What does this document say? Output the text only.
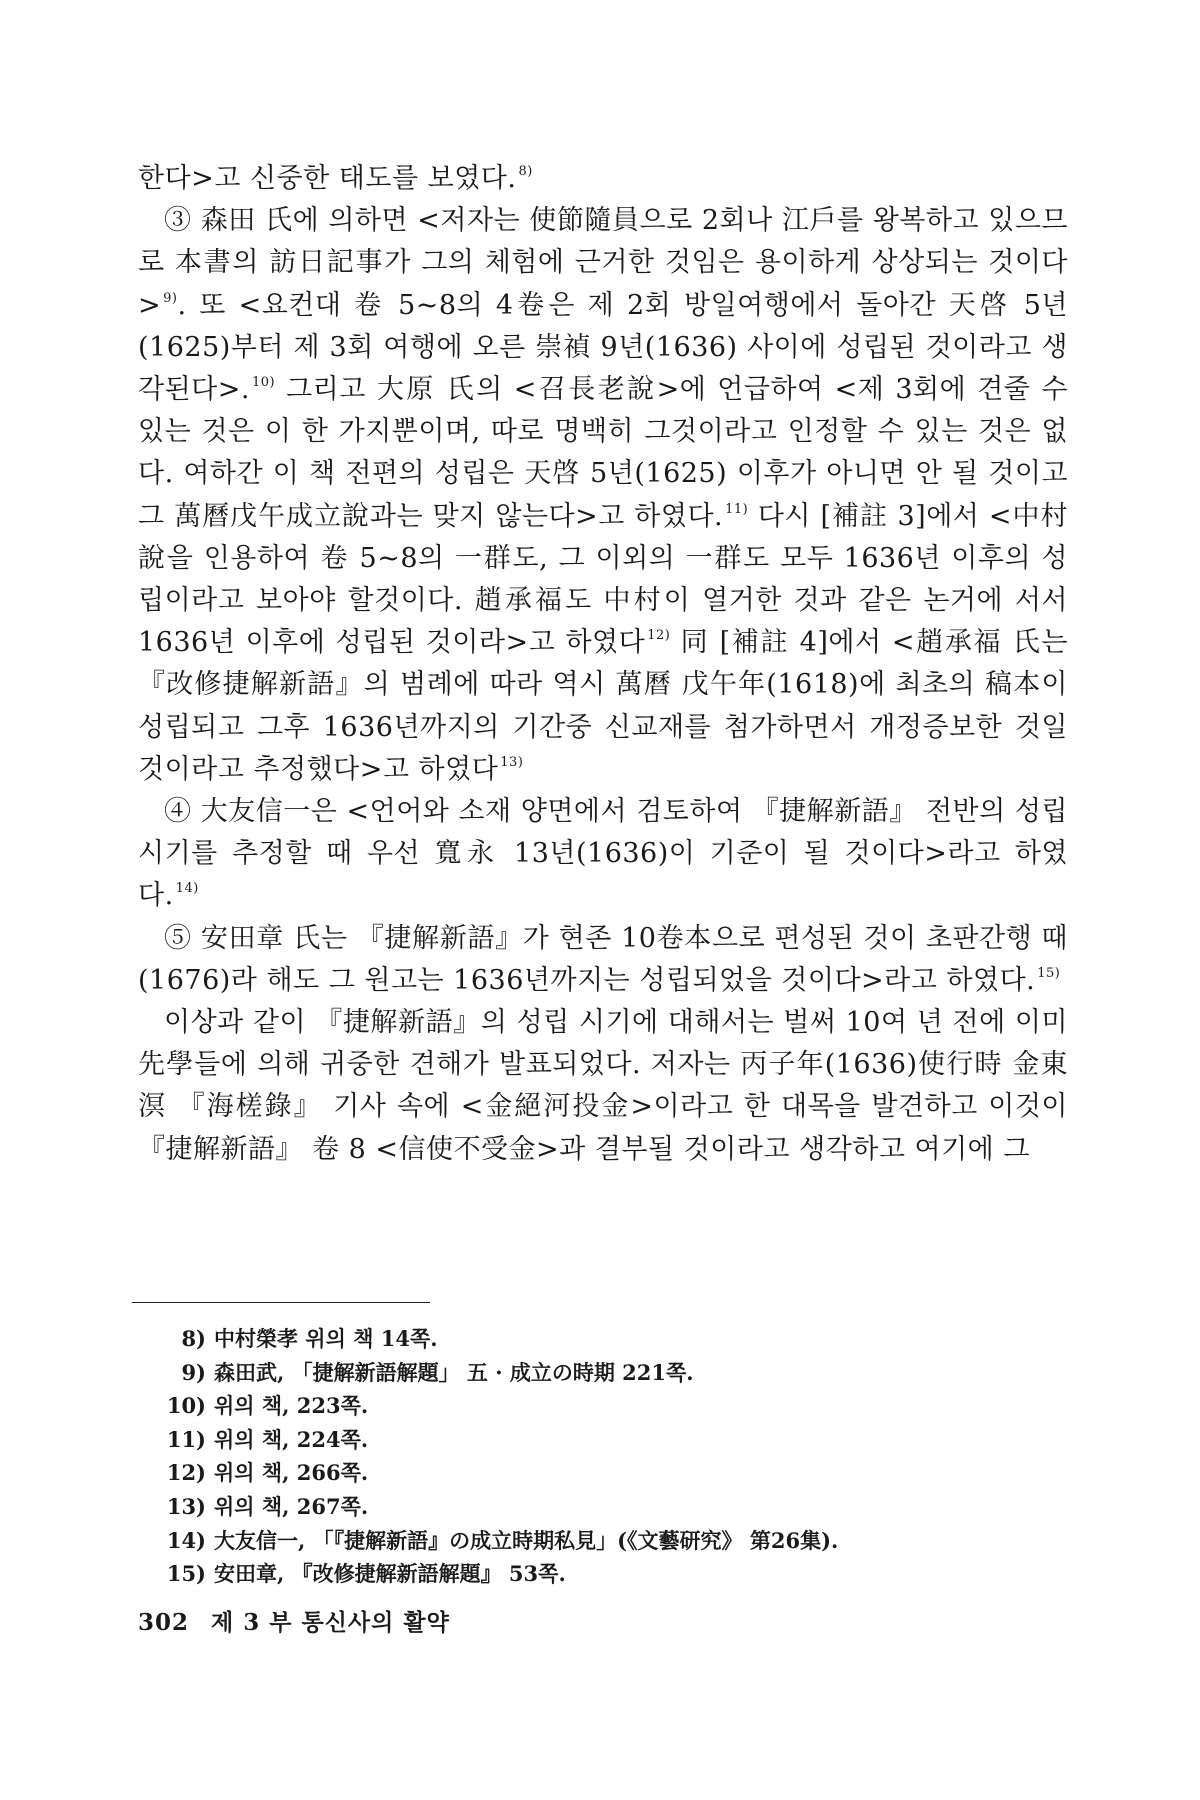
한다>고 신중한 태도를 보였다. $^{8)}$

③ 森田 氏에 의하면 <저자는 使節隨員으로 2회나 江戶를 왕복하고 있으므로 本書의 訪日記事가 그의 체험에 근거한 것임은 용이하게 상상되는 것이다> $^{9)}$. 또 <요컨대 卷 5~8의 4卷은 제 2회 방일여행에서 돌아간 天啓 5년(1625)부터 제 3회 여행에 오른 崇禎 9년(1636) 사이에 성립된 것이라고 생각된다>. $^{10)}$ 그리고 大原 氏의 <召長老說>에 언급하여 <제 3회에 견줄 수 있는 것은 이 한 가지뿐이며, 따로 명백히 그것이라고 인정할 수 있는 것은 없다. 여하간 이 책 전편의 성립은 天啓 5년(1625) 이후가 아니면 안 될 것이고 그 萬曆戊午成立說과는 맞지 않는다>고 하였다. $^{11)}$ 다시 [補註 3]에서 <中村說을 인용하여 卷 5~8의 一群도, 그 이외의 一群도 모두 1636년 이후의 성립이라고 보아야 할것이다. 趙承福도 中村이 열거한 것과 같은 논거에 서서 1636년 이후에 성립된 것이라>고 하였다 $^{12)}$ 同 [補註 4]에서 <趙承福 氏는 『改修捷解新語』의 범례에 따라 역시 萬曆 戊午年(1618)에 최초의 稿本이 성립되고 그후 1636년까지의 기간중 신교재를 첨가하면서 개정증보한 것일 것이라고 추정했다>고 하였다 $^{13)}$

④ 大友信一은 <언어와 소재 양면에서 검토하여 『捷解新語』 전반의 성립 시기를 추정할 때 우선 寬永 13년(1636)이 기준이 될 것이다>라고 하였다. $^{14)}$

⑤ 安田章 氏는 『捷解新語』가 현존 10卷本으로 편성된 것이 초판간행 때 (1676)라 해도 그 원고는 1636년까지는 성립되었을 것이다>라고 하였다. $^{15)}$

이상과 같이 『捷解新語』의 성립 시기에 대해서는 벌써 10여 년 전에 이미 先學들에 의해 귀중한 견해가 발표되었다. 저자는 丙子年(1636)使行時 金東溟 『海槎錄』 기사 속에 <金絕河投金>이라고 한 대목을 발견하고 이것이 『捷解新語』 卷 8 <信使不受金>과 결부될 것이라고 생각하고 여기에 그

8) 中村榮孝 위의 책 14쪽.
9) 森田武, 「捷解新語解題」 五 · 成立の時期 221쪽.
10) 위의 책, 223쪽.
11) 위의 책, 224쪽.
12) 위의 책, 266쪽.
13) 위의 책, 267쪽.
14) 大友信一, 「『捷解新語』の成立時期私見」(《文藝研究》 第26集).
15) 安田章, 『改修捷解新語解題』 53쪽.
302 제 3 부 통신사의 활약
